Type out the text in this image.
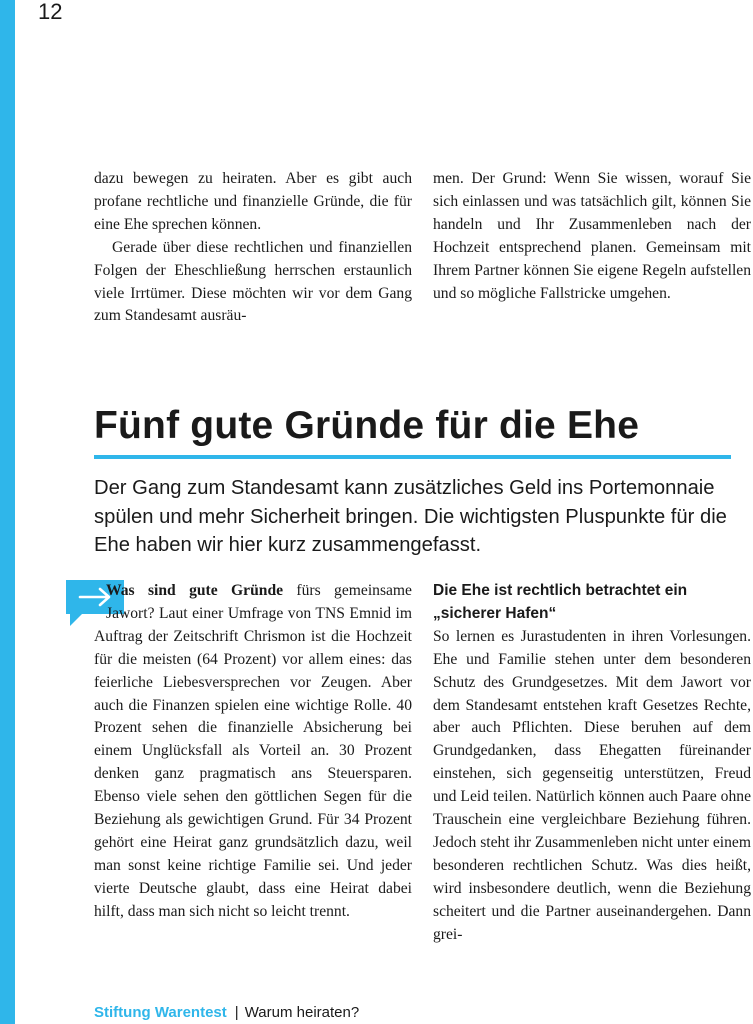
12

dazu bewegen zu heiraten. Aber es gibt auch profane rechtliche und finanzielle Gründe, die für eine Ehe sprechen können.

Gerade über diese rechtlichen und finanziellen Folgen der Eheschließung herrschen erstaunlich viele Irrtümer. Diese möchten wir vor dem Gang zum Standesamt ausräu-

men. Der Grund: Wenn Sie wissen, worauf Sie sich einlassen und was tatsächlich gilt, können Sie handeln und Ihr Zusammenleben nach der Hochzeit entsprechend planen. Gemeinsam mit Ihrem Partner können Sie eigene Regeln aufstellen und so mögliche Fallstricke umgehen.

Fünf gute Gründe für die Ehe

Der Gang zum Standesamt kann zusätzliches Geld ins Portemonnaie spülen und mehr Sicherheit bringen. Die wichtigsten Pluspunkte für die Ehe haben wir hier kurz zusammengefasst.

Was sind gute Gründe fürs gemeinsame Jawort? Laut einer Umfrage von TNS Emnid im Auftrag der Zeitschrift Chrismon ist die Hochzeit für die meisten (64 Prozent) vor allem eines: das feierliche Liebesversprechen vor Zeugen. Aber auch die Finanzen spielen eine wichtige Rolle. 40 Prozent sehen die finanzielle Absicherung bei einem Unglücksfall als Vorteil an. 30 Prozent denken ganz pragmatisch ans Steuersparen. Ebenso viele sehen den göttlichen Segen für die Beziehung als gewichtigen Grund. Für 34 Prozent gehört eine Heirat ganz grundsätzlich dazu, weil man sonst keine richtige Familie sei. Und jeder vierte Deutsche glaubt, dass eine Heirat dabei hilft, dass man sich nicht so leicht trennt.

Die Ehe ist rechtlich betrachtet ein „sicherer Hafen“

So lernen es Jurastudenten in ihren Vorlesungen. Ehe und Familie stehen unter dem besonderen Schutz des Grundgesetzes. Mit dem Jawort vor dem Standesamt entstehen kraft Gesetzes Rechte, aber auch Pflichten. Diese beruhen auf dem Grundgedanken, dass Ehegatten füreinander einstehen, sich gegenseitig unterstützen, Freud und Leid teilen. Natürlich können auch Paare ohne Trauschein eine vergleichbare Beziehung führen. Jedoch steht ihr Zusammenleben nicht unter einem besonderen rechtlichen Schutz. Was dies heißt, wird insbesondere deutlich, wenn die Beziehung scheitert und die Partner auseinandergehen. Dann grei-

Stiftung Warentest | Warum heiraten?
